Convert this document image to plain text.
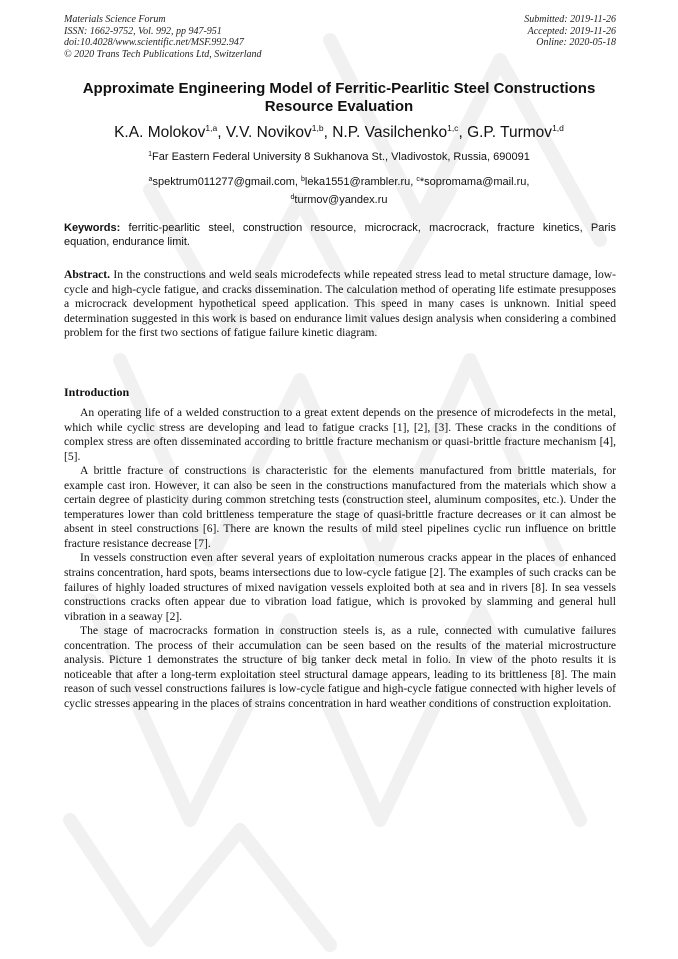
Materials Science Forum
ISSN: 1662-9752, Vol. 992, pp 947-951
doi:10.4028/www.scientific.net/MSF.992.947
© 2020 Trans Tech Publications Ltd, Switzerland
Submitted: 2019-11-26
Accepted: 2019-11-26
Online: 2020-05-18
Approximate Engineering Model of Ferritic-Pearlitic Steel Constructions
Resource Evaluation
K.A. Molokov$^{1,a}$, V.V. Novikov$^{1,b}$, N.P. Vasilchenko$^{1,c}$, G.P. Turmov$^{1,d}$
$^1$Far Eastern Federal University 8 Sukhanova St., Vladivostok, Russia, 690091
$^a$spektrum011277@gmail.com, $^b$leka1551@rambler.ru, $^c$*sopromama@mail.ru,
$^d$turmov@yandex.ru
Keywords: ferritic-pearlitic steel, construction resource, microcrack, macrocrack, fracture kinetics, Paris equation, endurance limit.
Abstract. In the constructions and weld seals microdefects while repeated stress lead to metal structure damage, low-cycle and high-cycle fatigue, and cracks dissemination. The calculation method of operating life estimate presupposes a microcrack development hypothetical speed application. This speed in many cases is unknown. Initial speed determination suggested in this work is based on endurance limit values design analysis when considering a combined problem for the first two sections of fatigue failure kinetic diagram.
Introduction

An operating life of a welded construction to a great extent depends on the presence of microdefects in the metal, which while cyclic stress are developing and lead to fatigue cracks [1], [2], [3]. These cracks in the conditions of complex stress are often disseminated according to brittle fracture mechanism or quasi-brittle fracture mechanism [4], [5].

A brittle fracture of constructions is characteristic for the elements manufactured from brittle materials, for example cast iron. However, it can also be seen in the constructions manufactured from the materials which show a certain degree of plasticity during common stretching tests (construction steel, aluminum composites, etc.). Under the temperatures lower than cold brittleness temperature the stage of quasi-brittle fracture decreases or it can almost be absent in steel constructions [6]. There are known the results of mild steel pipelines cyclic run influence on brittle fracture resistance decrease [7].

In vessels construction even after several years of exploitation numerous cracks appear in the places of enhanced strains concentration, hard spots, beams intersections due to low-cycle fatigue [2]. The examples of such cracks can be failures of highly loaded structures of mixed navigation vessels exploited both at sea and in rivers [8]. In sea vessels constructions cracks often appear due to vibration load fatigue, which is provoked by slamming and general hull vibration in a seaway [2].

The stage of macrocracks formation in construction steels is, as a rule, connected with cumulative failures concentration. The process of their accumulation can be seen based on the results of the material microstructure analysis. Picture 1 demonstrates the structure of big tanker deck metal in folio. In view of the photo results it is noticeable that after a long-term exploitation steel structural damage appears, leading to its brittleness [8]. The main reason of such vessel constructions failures is low-cycle fatigue and high-cycle fatigue connected with higher levels of cyclic stresses appearing in the places of strains concentration in hard weather conditions of construction exploitation.
